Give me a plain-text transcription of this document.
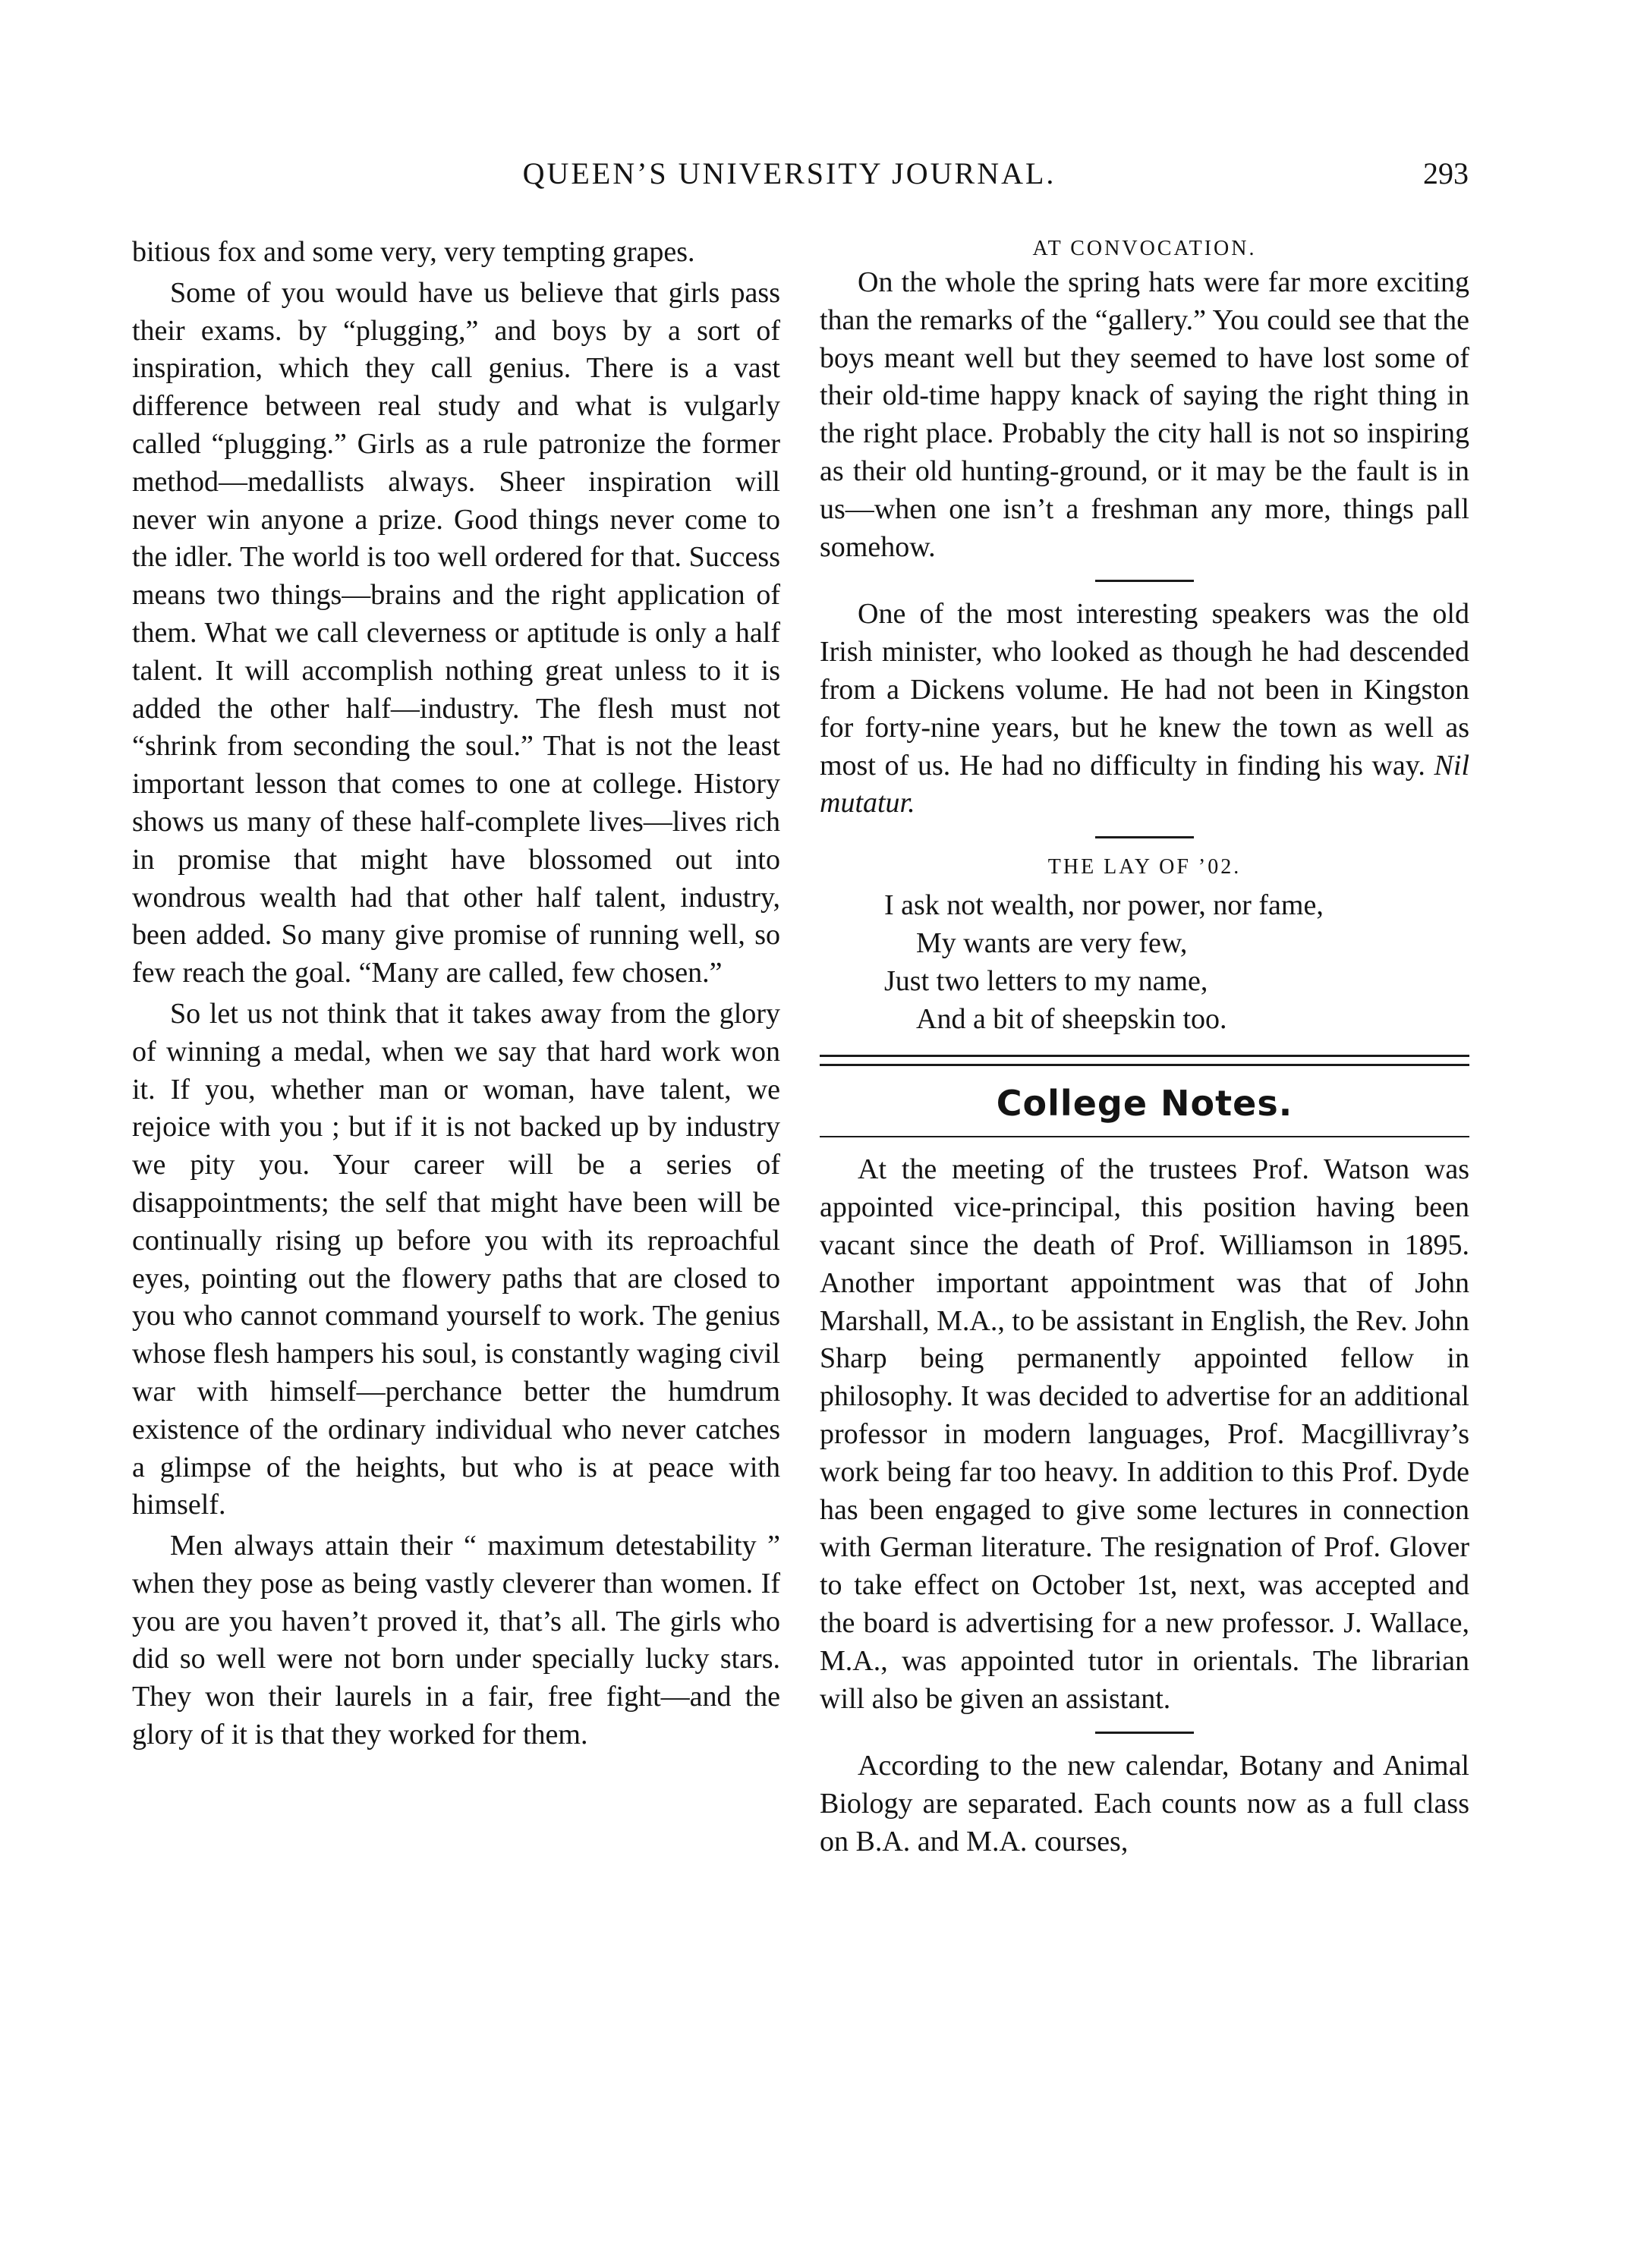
QUEEN’S UNIVERSITY JOURNAL.	293

bitious fox and some very, very tempting grapes.

Some of you would have us believe that girls pass their exams. by “plugging,” and boys by a sort of inspiration, which they call genius. There is a vast difference between real study and what is vulgarly called “plugging.” Girls as a rule patronize the former method—medallists always. Sheer inspiration will never win anyone a prize. Good things never come to the idler. The world is too well ordered for that. Success means two things—brains and the right application of them. What we call cleverness or aptitude is only a half talent. It will accomplish nothing great unless to it is added the other half—industry. The flesh must not “shrink from seconding the soul.” That is not the least important lesson that comes to one at college. History shows us many of these half-complete lives—lives rich in promise that might have blossomed out into wondrous wealth had that other half talent, industry, been added. So many give promise of running well, so few reach the goal. “Many are called, few chosen.”

So let us not think that it takes away from the glory of winning a medal, when we say that hard work won it. If you, whether man or woman, have talent, we rejoice with you ; but if it is not backed up by industry we pity you. Your career will be a series of disappointments; the self that might have been will be continually rising up before you with its reproachful eyes, pointing out the flowery paths that are closed to you who cannot command yourself to work. The genius whose flesh hampers his soul, is constantly waging civil war with himself—perchance better the humdrum existence of the ordinary individual who never catches a glimpse of the heights, but who is at peace with himself.

Men always attain their “ maximum detestability ” when they pose as being vastly cleverer than women. If you are you haven’t proved it, that’s all. The girls who did so well were not born under specially lucky stars. They won their laurels in a fair, free fight—and the glory of it is that they worked for them.

AT CONVOCATION.

On the whole the spring hats were far more exciting than the remarks of the “gallery.” You could see that the boys meant well but they seemed to have lost some of their old-time happy knack of saying the right thing in the right place. Probably the city hall is not so inspiring as their old hunting-ground, or it may be the fault is in us—when one isn’t a freshman any more, things pall somehow.

One of the most interesting speakers was the old Irish minister, who looked as though he had descended from a Dickens volume. He had not been in Kingston for forty-nine years, but he knew the town as well as most of us. He had no difficulty in finding his way. Nil mutatur.

THE LAY OF ’02.
I ask not wealth, nor power, nor fame,
My wants are very few,
Just two letters to my name,
And a bit of sheepskin too.
College Notes.

At the meeting of the trustees Prof. Watson was appointed vice-principal, this position having been vacant since the death of Prof. Williamson in 1895. Another important appointment was that of John Marshall, M.A., to be assistant in English, the Rev. John Sharp being permanently appointed fellow in philosophy. It was decided to advertise for an additional professor in modern languages, Prof. Macgillivray’s work being far too heavy. In addition to this Prof. Dyde has been engaged to give some lectures in connection with German literature. The resignation of Prof. Glover to take effect on October 1st, next, was accepted and the board is advertising for a new professor. J. Wallace, M.A., was appointed tutor in orientals. The librarian will also be given an assistant.

According to the new calendar, Botany and Animal Biology are separated. Each counts now as a full class on B.A. and M.A. courses,
